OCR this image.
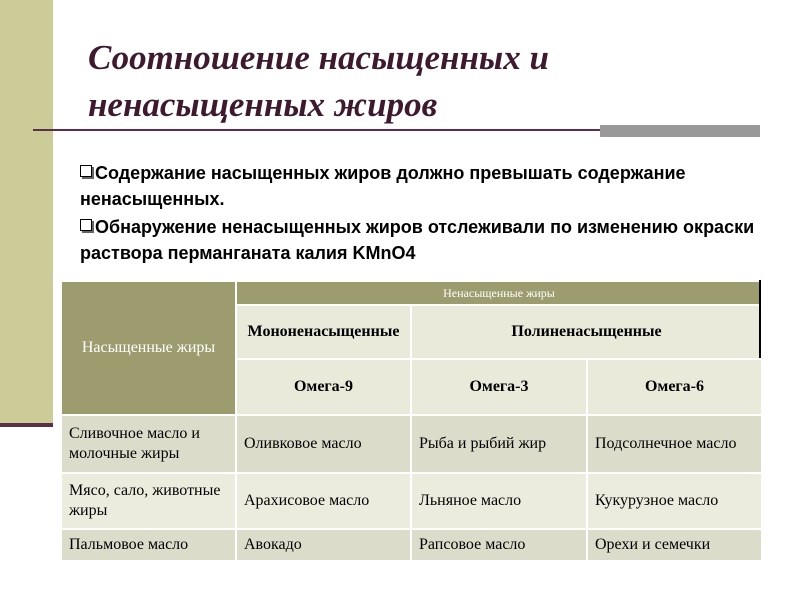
Соотношение насыщенных и ненасыщенных жиров

Содержание насыщенных жиров должно превышать содержание ненасыщенных.

Обнаружение ненасыщенных жиров отслеживали по изменению окраски раствора перманганата калия KMnO4

Насыщенные жиры	Ненасыщенные жиры		
	Мононенасыщенные	Полиненасыщенные	
	Омега-9	Омега-3	Омега-6
Сливочное масло и молочные жиры	Оливковое масло	Рыба и рыбий жир	Подсолнечное масло
Мясо, сало, животные жиры	Арахисовое масло	Льняное масло	Кукурузное масло
Пальмовое масло	Авокадо	Рапсовое масло	Орехи и семечки
